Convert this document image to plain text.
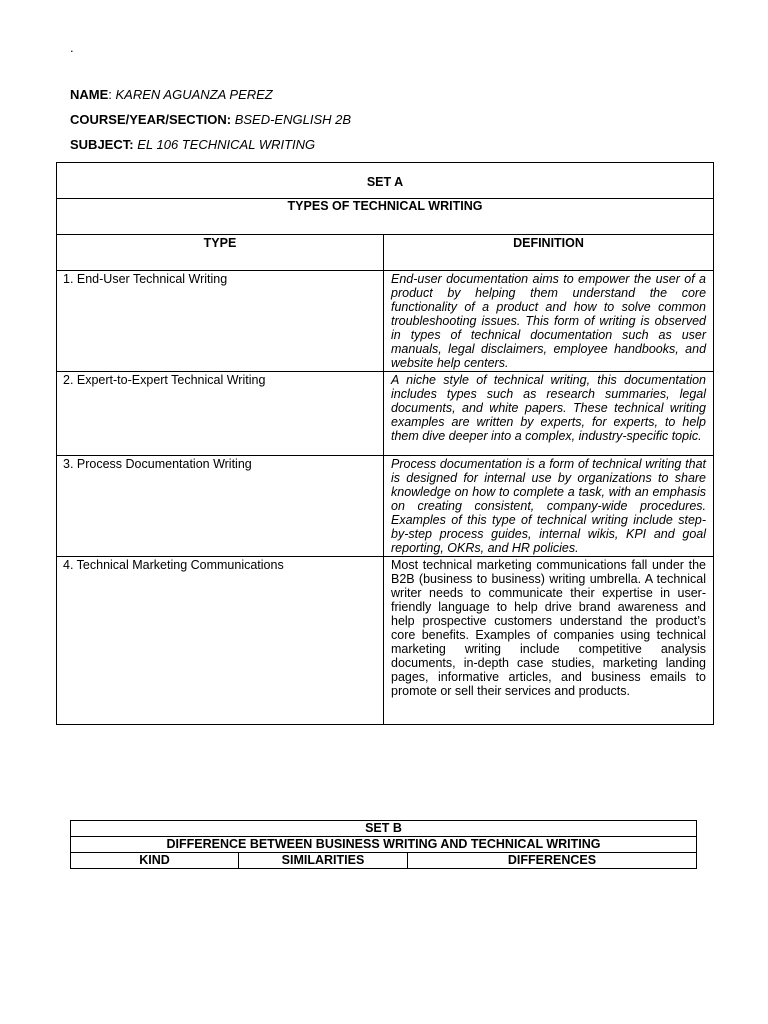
.
NAME: KAREN AGUANZA PEREZ
COURSE/YEAR/SECTION: BSED-ENGLISH 2B
SUBJECT: EL 106 TECHNICAL WRITING
SET A	
TYPES OF TECHNICAL WRITING	
TYPE	DEFINITION
1. End-User Technical Writing	End-user documentation aims to empower the user of a product by helping them understand the core functionality of a product and how to solve common troubleshooting issues. This form of writing is observed in types of technical documentation such as user manuals, legal disclaimers, employee handbooks, and website help centers.
2. Expert-to-Expert Technical Writing	A niche style of technical writing, this documentation includes types such as research summaries, legal documents, and white papers. These technical writing examples are written by experts, for experts, to help them dive deeper into a complex, industry-specific topic.
3. Process Documentation Writing	Process documentation is a form of technical writing that is designed for internal use by organizations to share knowledge on how to complete a task, with an emphasis on creating consistent, company-wide procedures. Examples of this type of technical writing include step-by-step process guides, internal wikis, KPI and goal reporting, OKRs, and HR policies.
4. Technical Marketing Communications	Most technical marketing communications fall under the B2B (business to business) writing umbrella. A technical writer needs to communicate their expertise in user-friendly language to help drive brand awareness and help prospective customers understand the product’s core benefits. Examples of companies using technical marketing writing include competitive analysis documents, in-depth case studies, marketing landing pages, informative articles, and business emails to promote or sell their services and products.
SET B
DIFFERENCE BETWEEN BUSINESS WRITING AND TECHNICAL WRITING
KIND	SIMILARITIES	DIFFERENCES
